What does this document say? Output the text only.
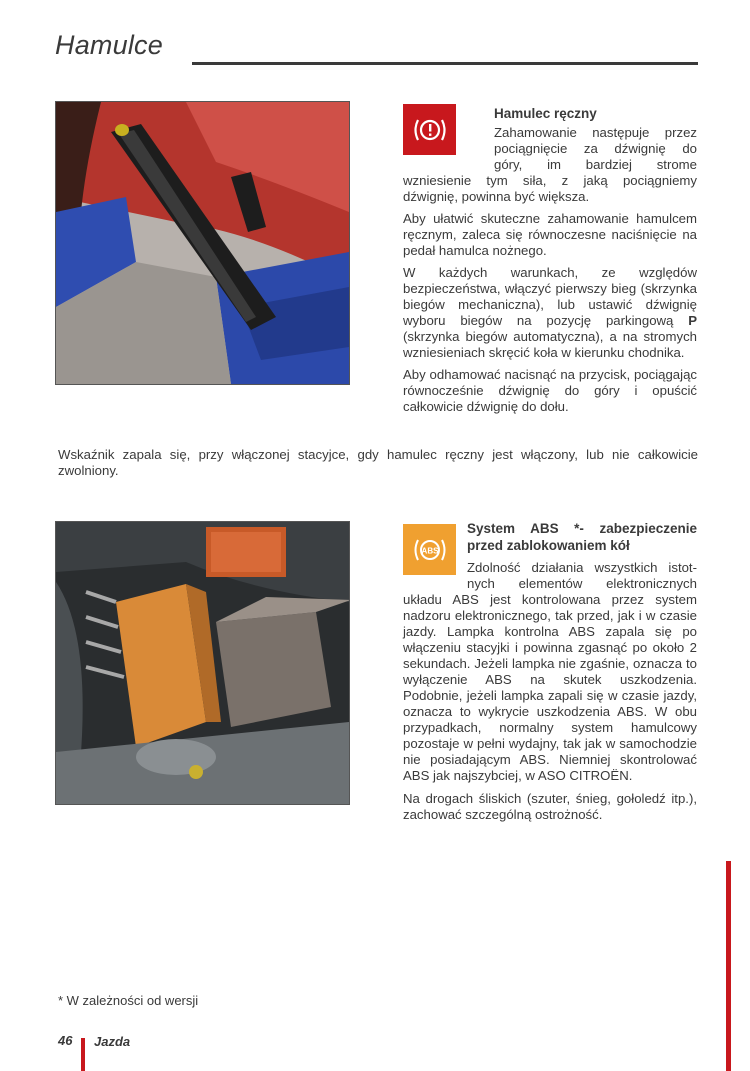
Hamulce
Hamulec ręczny
Zahamowanie następuje przez
pociągnięcie za dźwignię do
góry, im bardziej strome

wzniesienie tym siła, z jaką pociągniemy dźwignię, powinna być większa.

Aby ułatwić skuteczne zahamowanie hamulcem ręcznym, zaleca się równoczesne naciśnięcie na pedał hamulca nożnego.

W każdych warunkach, ze względów bezpieczeństwa, włączyć pierwszy bieg (skrzynka biegów mechaniczna), lub ustawić dźwignię wyboru biegów na pozycję parkingową P (skrzynka biegów automatyczna), a na stromych wzniesieniach skręcić koła w kierunku chodnika.

Aby odhamować nacisnąć na przycisk, pociągając równocześnie dźwignię do góry i opuścić całkowicie dźwignię do dołu.

Wskaźnik zapala się, przy włączonej stacyjce, gdy hamulec ręczny jest włączony, lub nie całkowicie zwolniony.
ABS
System ABS *- zabezpieczenie
przed zablokowaniem kół
Zdolność działania wszystkich istot-
nych elementów elektronicznych

układu ABS jest kontrolowana przez system nadzoru elektronicznego, tak przed, jak i w czasie jazdy. Lampka kontrolna ABS zapala się po włączeniu stacyjki i powinna zgasnąć po około 2 sekundach. Jeżeli lampka nie zgaśnie, oznacza to wyłączenie ABS na skutek uszkodzenia. Podobnie, jeżeli lampka zapali się w czasie jazdy, oznacza to wykrycie uszkodzenia ABS. W obu przypadkach, normalny system hamulcowy pozostaje w pełni wydajny, tak jak w samochodzie nie posiadającym ABS. Niemniej skontrolować ABS jak najszybciej, w ASO CITROËN.

Na drogach śliskich (szuter, śnieg, gołoledź itp.), zachować szczególną ostrożność.

* W zależności od wersji
46 Jazda
